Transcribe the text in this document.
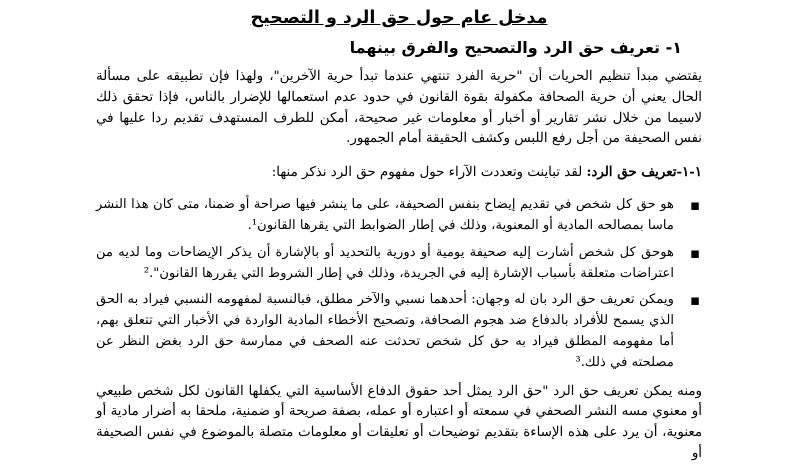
مدخل عام حول حق الرد و التصحيح
١- تعريف حق الرد والتصحيح والفرق بينهما

يقتضي مبدأ تنظيم الحريات أن "حرية الفرد تنتهي عندما تبدأ حرية الآخرين"، ولهذا فإن تطبيقه على مسألة الحال يعني أن حرية الصحافة مكفولة بقوة القانون في حدود عدم استعمالها للإضرار بالناس، فإذا تحقق ذلك لاسيما من خلال نشر تقارير أو أخبار أو معلومات غير صحيحة، أمكن للطرف المستهدف تقديم ردا عليها في نفس الصحيفة من أجل رفع اللبس وكشف الحقيقة أمام الجمهور.

١-١-تعريف حق الرد: لقد تباينت وتعددت الآراء حول مفهوم حق الرد نذكر منها:

▪
هو حق كل شخص في تقديم إيضاح بنفس الصحيفة، على ما ينشر فيها صراحة أو ضمنا، متى كان هذا النشر ماسا بمصالحه المادية أو المعنوية، وذلك في إطار الضوابط التي يقرها القانون¹.
▪
هوحق كل شخص أشارت إليه صحيفة يومية أو دورية بالتحديد أو بالإشارة أن يذكر الإيضاحات وما لديه من اعتراضات متعلقة بأسباب الإشارة إليه في الجريدة، وذلك في إطار الشروط التي يقررها القانون".²
▪
ويمكن تعريف حق الرد بان له وجهان: أحدهما نسبي والآخر مطلق، فبالنسبة لمفهومه النسبي فيراد به الحق الذي يسمح للأفراد بالدفاع ضد هجوم الصحافة، وتصحيح الأخطاء المادية الواردة في الأخبار التي تتعلق بهم، أما مفهومه المطلق فيراد به حق كل شخص تحدثت عنه الصحف في ممارسة حق الرد بغض النظر عن مصلحته في ذلك.³

ومنه يمكن تعريف حق الرد "حق الرد يمثل أحد حقوق الدفاع الأساسية التي يكفلها القانون لكل شخص طبيعي أو معنوي مسه النشر الصحفي في سمعته أو اعتباره أو عمله، بصفة صريحة أو ضمنية، ملحقا به أضرار مادية أو معنوية، أن يرد على هذه الإساءة بتقديم توضيحات أو تعليقات أو معلومات متصلة بالموضوع في نفس الصحيفة أو
